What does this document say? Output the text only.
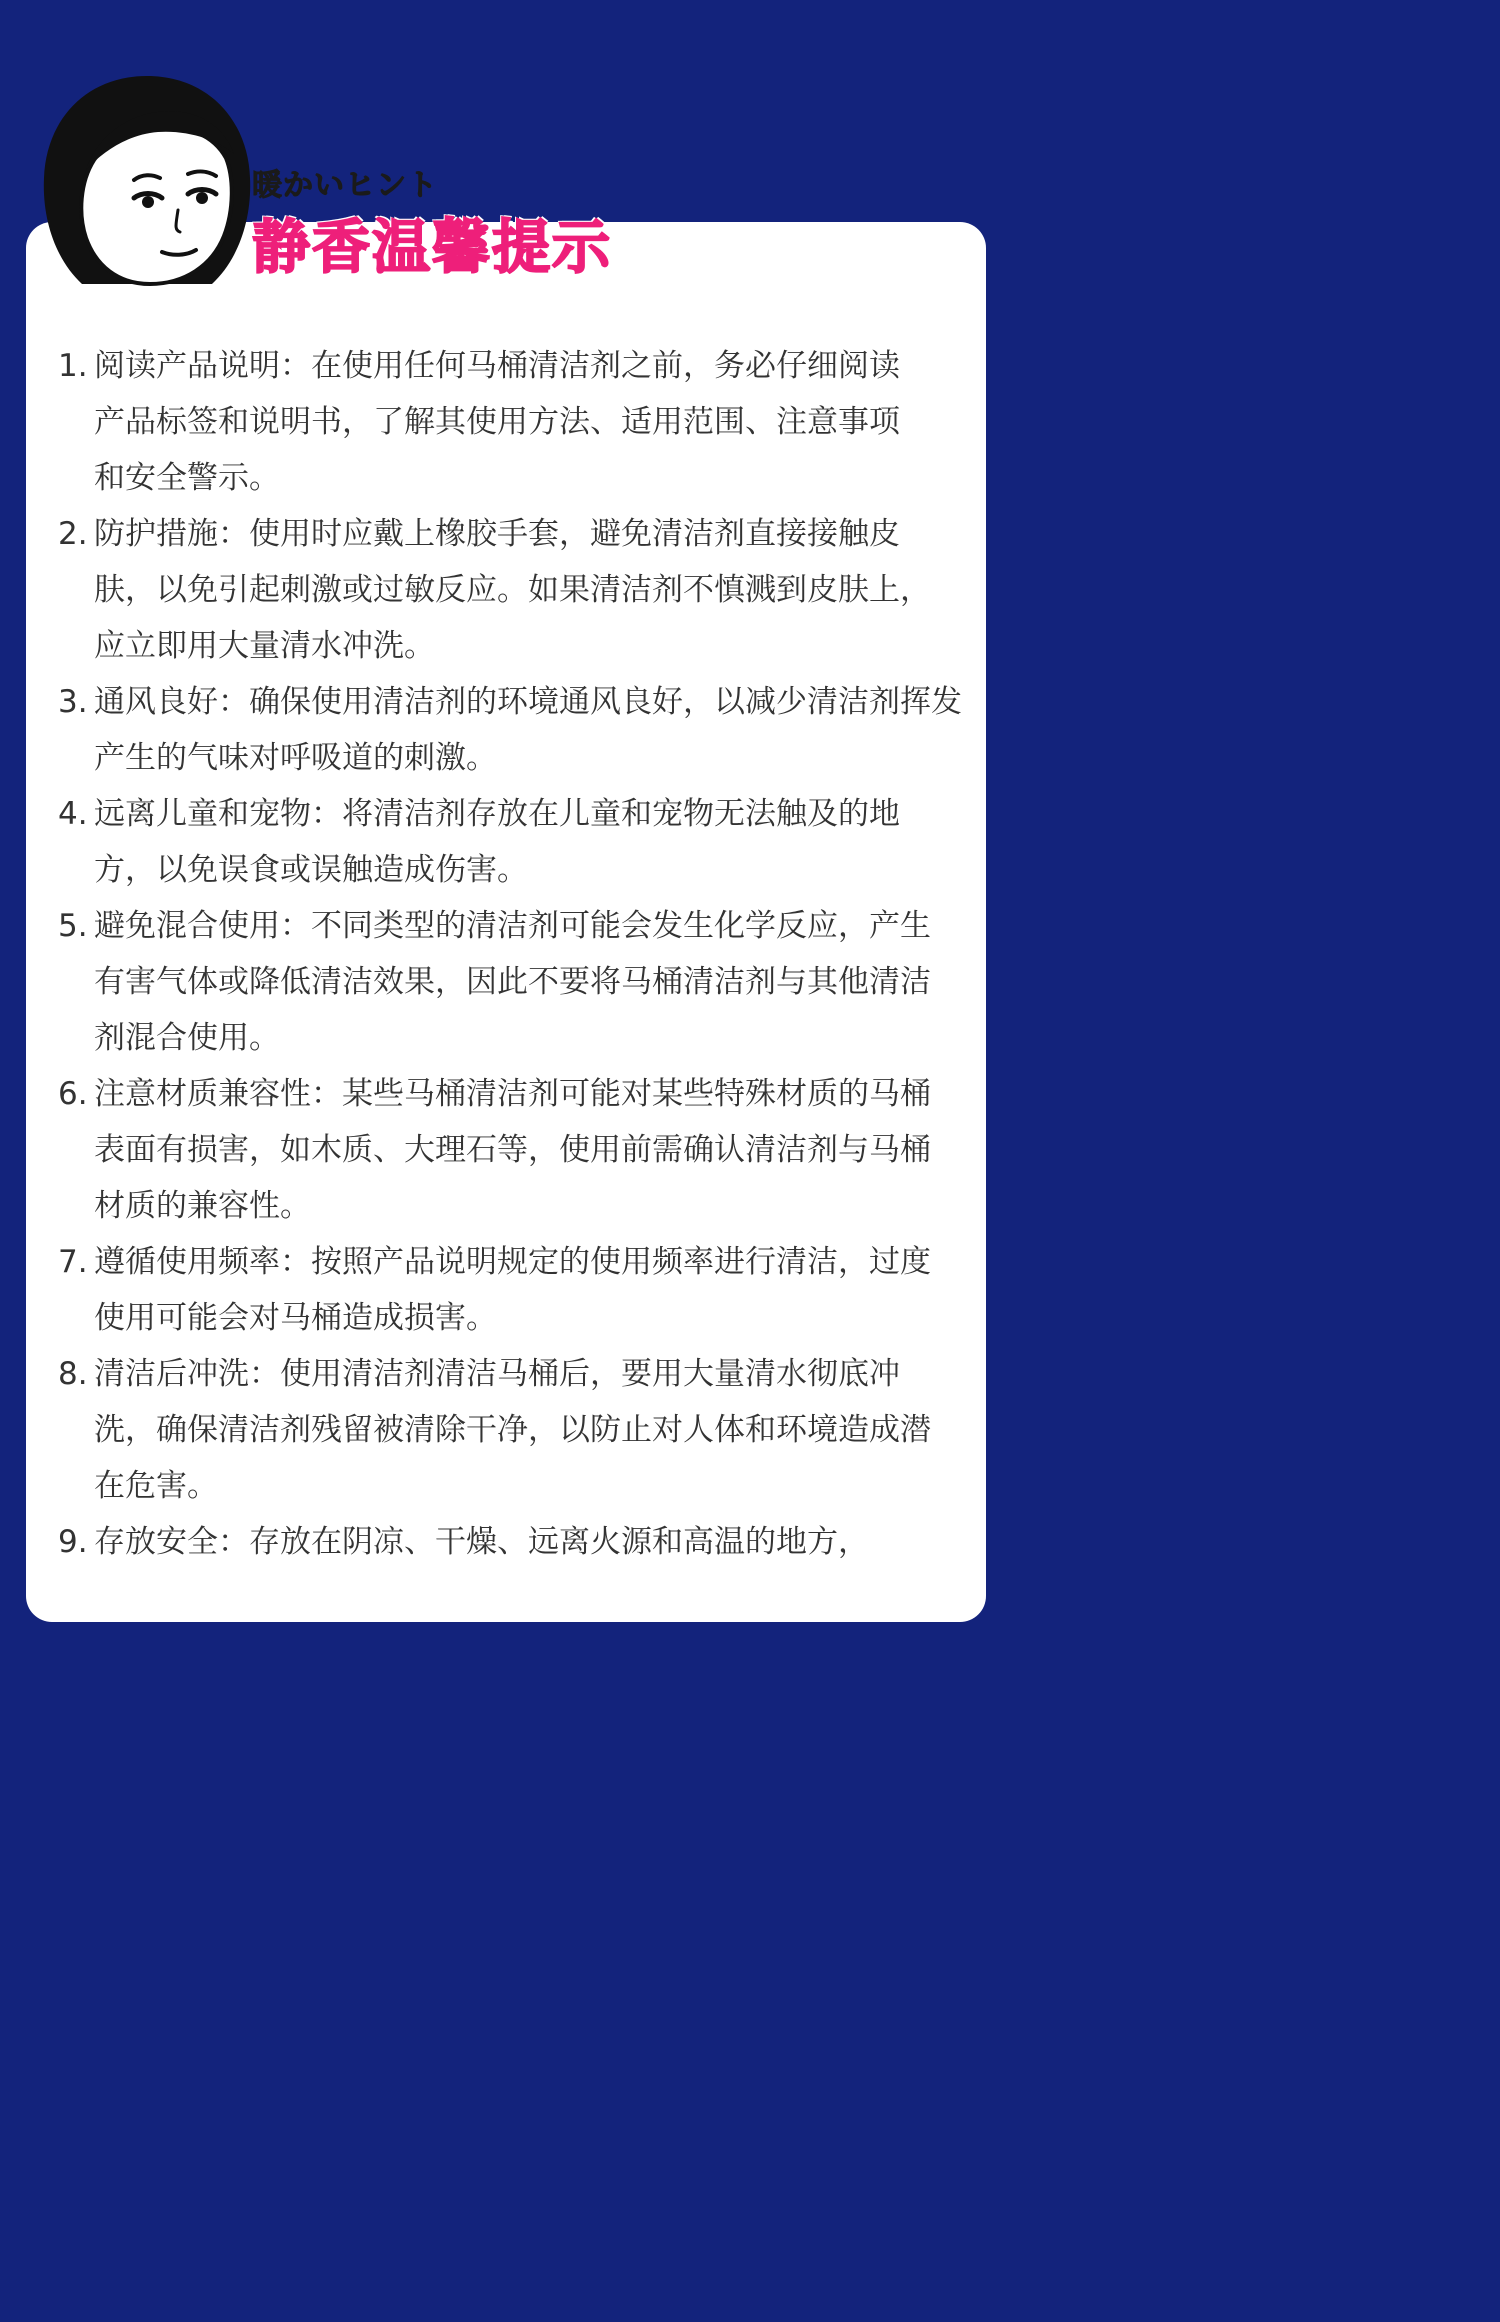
暖かいヒント
静香温馨提示
1. 阅读产品说明：在使用任何马桶清洁剂之前，务必仔细阅读产品标签和说明书，了解其使用方法、适用范围、注意事项和安全警示。
2. 防护措施：使用时应戴上橡胶手套，避免清洁剂直接接触皮肤，以免引起刺激或过敏反应。如果清洁剂不慎溅到皮肤上，应立即用大量清水冲洗。
3. 通风良好：确保使用清洁剂的环境通风良好，以减少清洁剂挥发产生的气味对呼吸道的刺激。
4. 远离儿童和宠物：将清洁剂存放在儿童和宠物无法触及的地方，以免误食或误触造成伤害。
5. 避免混合使用：不同类型的清洁剂可能会发生化学反应，产生有害气体或降低清洁效果，因此不要将马桶清洁剂与其他清洁剂混合使用。
6. 注意材质兼容性：某些马桶清洁剂可能对某些特殊材质的马桶表面有损害，如木质、大理石等，使用前需确认清洁剂与马桶材质的兼容性。
7. 遵循使用频率：按照产品说明规定的使用频率进行清洁，过度使用可能会对马桶造成损害。
8. 清洁后冲洗：使用清洁剂清洁马桶后，要用大量清水彻底冲洗，确保清洁剂残留被清除干净，以防止对人体和环境造成潜在危害。
9. 存放安全：存放在阴凉、干燥、远离火源和高温的地方，
